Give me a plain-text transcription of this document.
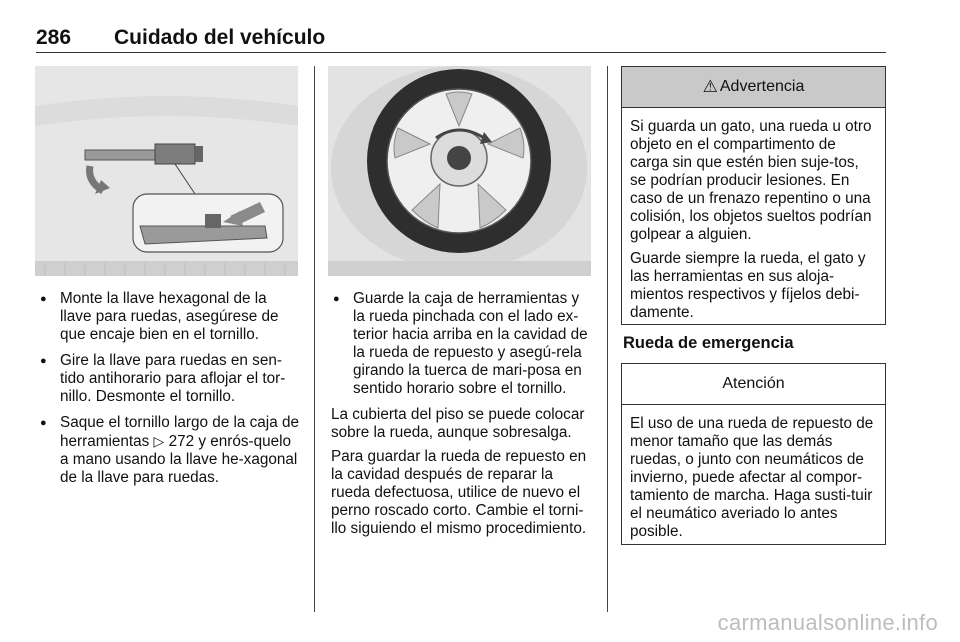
286 Cuidado del vehículo
● Monte la llave hexagonal de la llave para ruedas, asegúrese de que encaje bien en el tornillo.
● Gire la llave para ruedas en sen-tido antihorario para aflojar el tor-nillo. Desmonte el tornillo.
● Saque el tornillo largo de la caja de herramientas ▷ 272 y enrós-quelo a mano usando la llave he-xagonal de la llave para ruedas.
● Guarde la caja de herramientas y la rueda pinchada con el lado ex-terior hacia arriba en la cavidad de la rueda de repuesto y asegú-rela girando la tuerca de mari-posa en sentido horario sobre el tornillo.

La cubierta del piso se puede colocar sobre la rueda, aunque sobresalga.

Para guardar la rueda de repuesto en la cavidad después de reparar la rueda defectuosa, utilice de nuevo el perno roscado corto. Cambie el torni-llo siguiendo el mismo procedimiento.

⚠ Advertencia

Si guarda un gato, una rueda u otro objeto en el compartimento de carga sin que estén bien suje-tos, se podrían producir lesiones. En caso de un frenazo repentino o una colisión, los objetos sueltos podrían golpear a alguien.

Guarde siempre la rueda, el gato y las herramientas en sus aloja-mientos respectivos y fíjelos debi-damente.

Rueda de emergencia
Atención

El uso de una rueda de repuesto de menor tamaño que las demás ruedas, o junto con neumáticos de invierno, puede afectar al compor-tamiento de marcha. Haga susti-tuir el neumático averiado lo antes posible.

carmanualsonline.info
